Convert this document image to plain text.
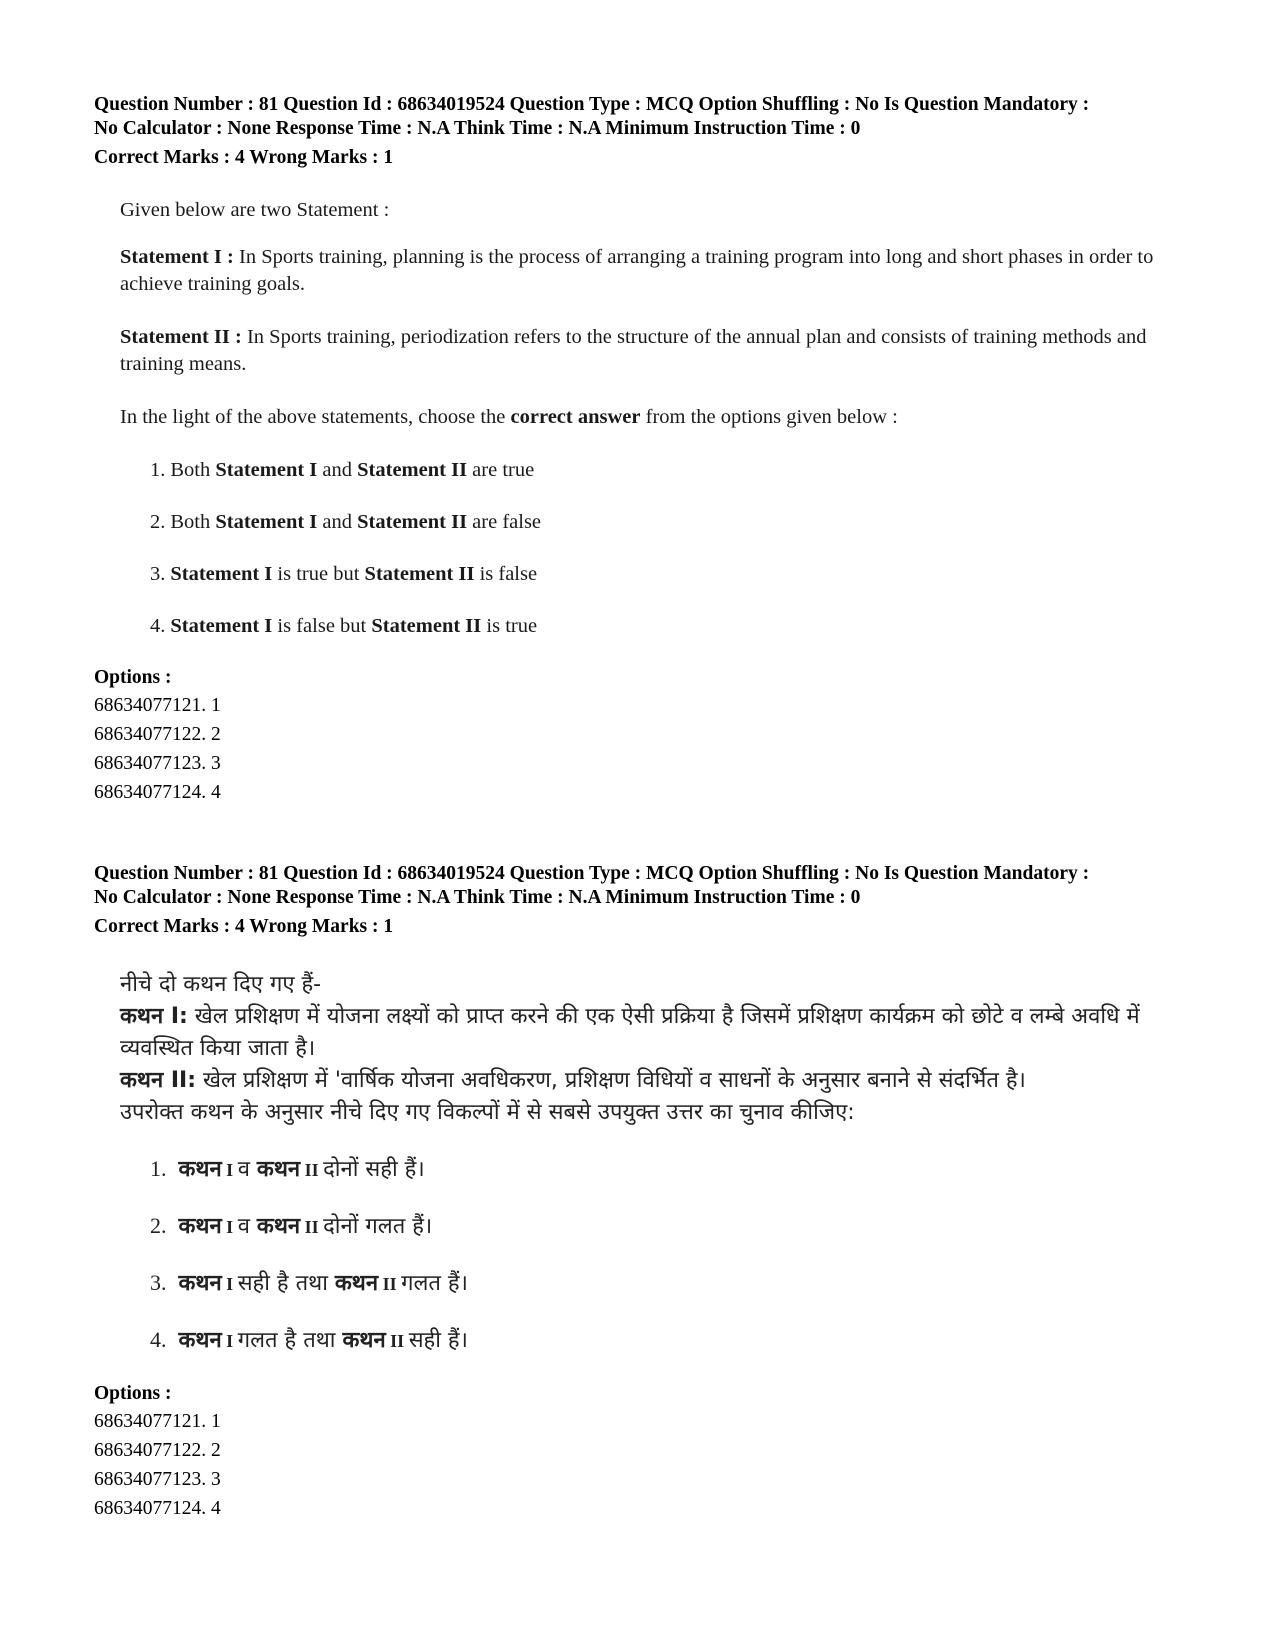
Question Number : 81 Question Id : 68634019524 Question Type : MCQ Option Shuffling : No Is Question Mandatory :

No Calculator : None Response Time : N.A Think Time : N.A Minimum Instruction Time : 0

Correct Marks : 4 Wrong Marks : 1

Given below are two Statement :

Statement I : In Sports training, planning is the process of arranging a training program into long and short phases in order to achieve training goals.

Statement II : In Sports training, periodization refers to the structure of the annual plan and consists of training methods and training means.

In the light of the above statements, choose the correct answer from the options given below :

1. Both Statement I and Statement II are true
2. Both Statement I and Statement II are false
3. Statement I is true but Statement II is false
4. Statement I is false but Statement II is true

Options :

68634077121. 1
68634077122. 2
68634077123. 3
68634077124. 4

Question Number : 81 Question Id : 68634019524 Question Type : MCQ Option Shuffling : No Is Question Mandatory :

No Calculator : None Response Time : N.A Think Time : N.A Minimum Instruction Time : 0

Correct Marks : 4 Wrong Marks : 1

नीचे दो कथन दिए गए हैं-

कथन I: खेल प्रशिक्षण में योजना लक्ष्यों को प्राप्त करने की एक ऐसी प्रक्रिया है जिसमें प्रशिक्षण कार्यक्रम को छोटे व लम्बे अवधि में व्यवस्थित किया जाता है।

कथन II: खेल प्रशिक्षण में 'वार्षिक योजना अवधिकरण, प्रशिक्षण विधियों व साधनों के अनुसार बनाने से संदर्भित है।

उपरोक्त कथन के अनुसार नीचे दिए गए विकल्पों में से सबसे उपयुक्त उत्तर का चुनाव कीजिए:

1. कथन I व कथन II दोनों सही हैं।
2. कथन I व कथन II दोनों गलत हैं।
3. कथन I सही है तथा कथन II गलत हैं।
4. कथन I गलत है तथा कथन II सही हैं।

Options :

68634077121. 1
68634077122. 2
68634077123. 3
68634077124. 4
